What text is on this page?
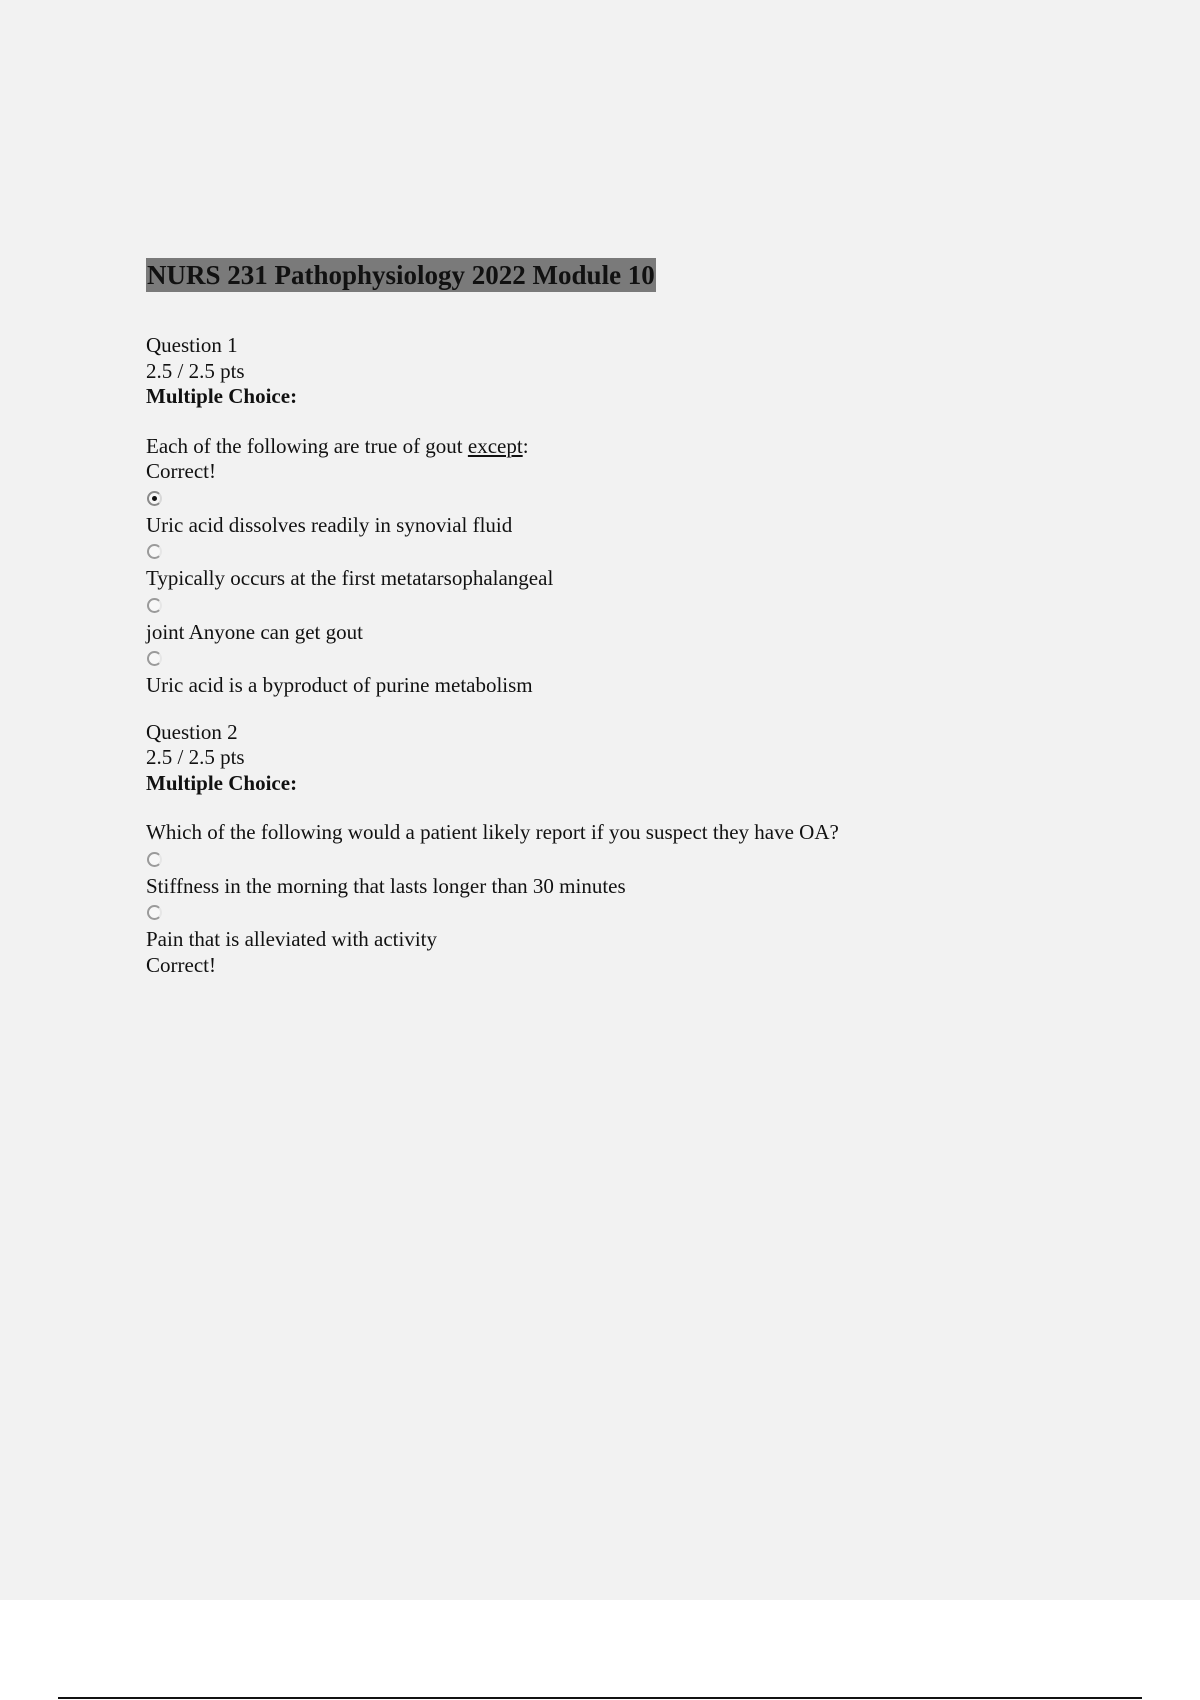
NURS 231 Pathophysiology 2022 Module 10
Question 1
2.5 / 2.5 pts
Multiple Choice:
Each of the following are true of gout except:
Correct!
Uric acid dissolves readily in synovial fluid
Typically occurs at the first metatarsophalangeal
joint Anyone can get gout
Uric acid is a byproduct of purine metabolism
Question 2
2.5 / 2.5 pts
Multiple Choice:
Which of the following would a patient likely report if you suspect they have OA?
Stiffness in the morning that lasts longer than 30 minutes
Pain that is alleviated with activity
Correct!
